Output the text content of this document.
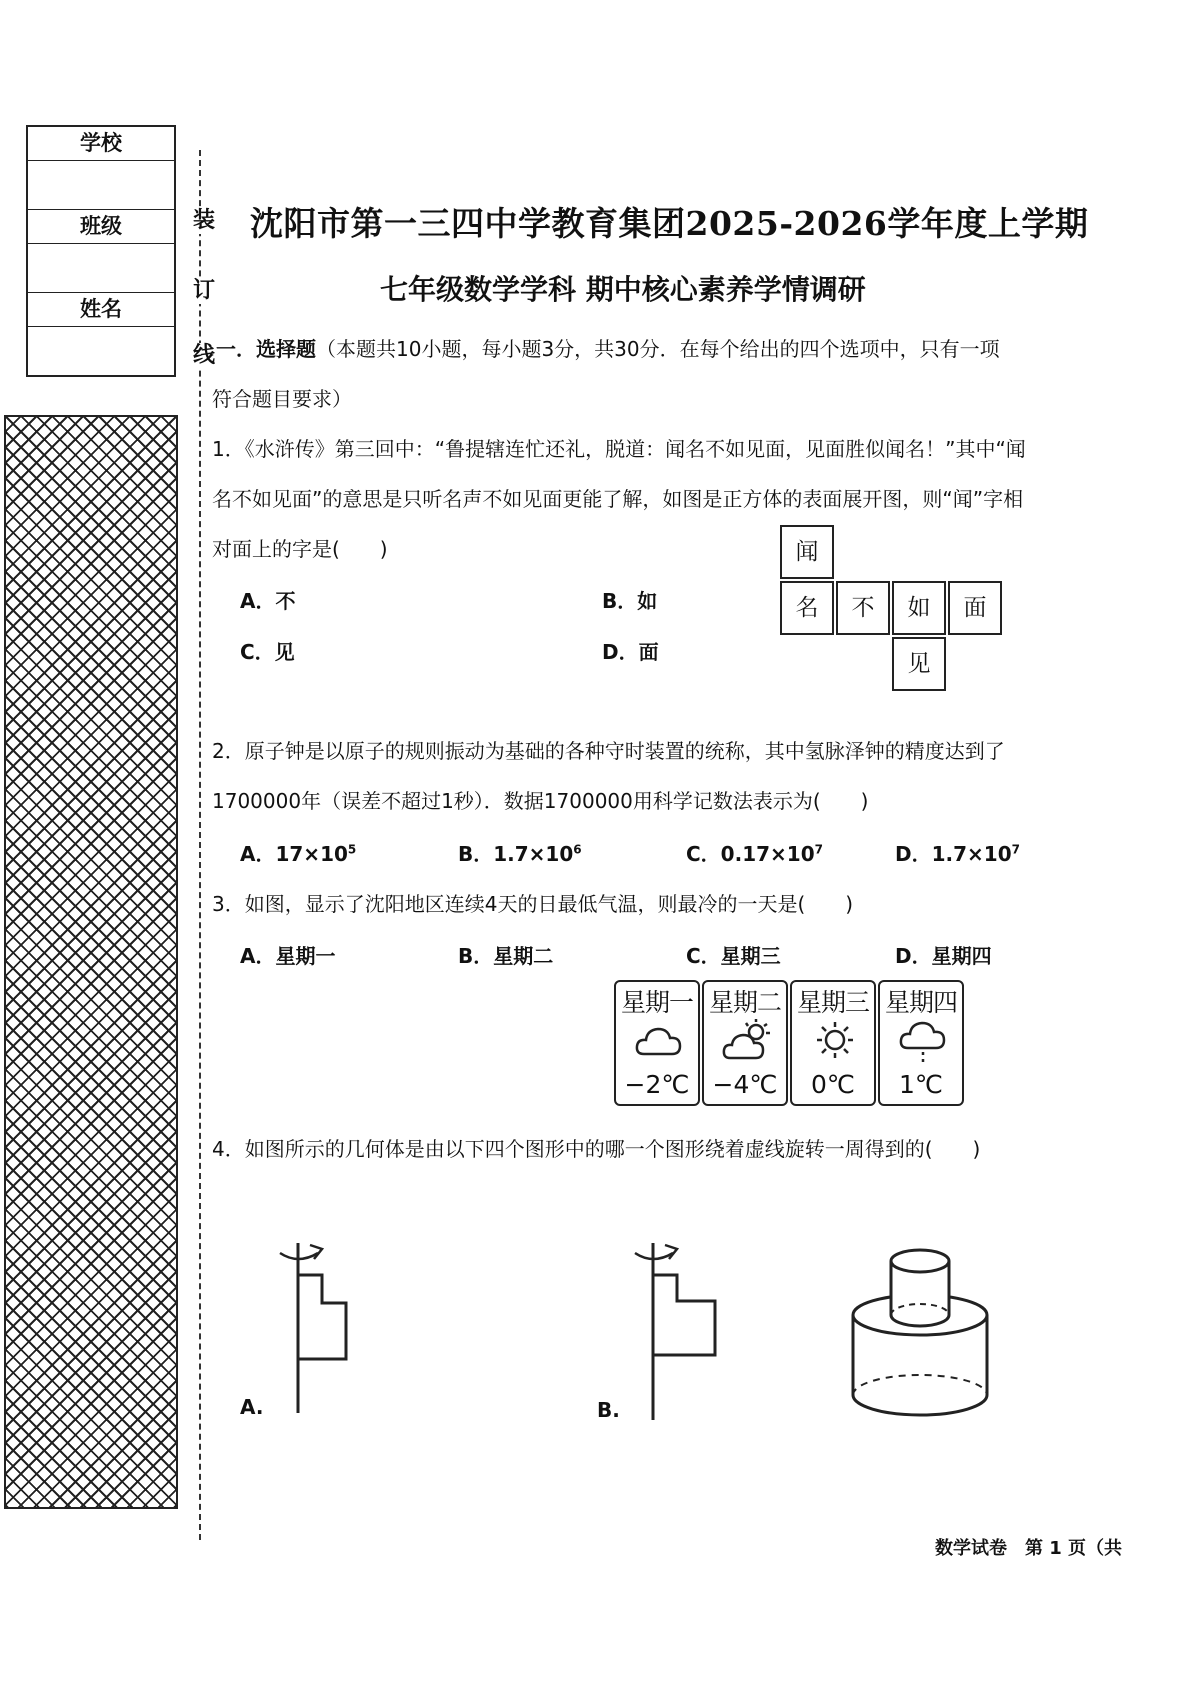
学校
班级
姓名
装
订
线
沈阳市第一三四中学教育集团2025-2026学年度上学期
七年级数学学科 期中核心素养学情调研
一．选择题（本题共10小题，每小题3分，共30分．在每个给出的四个选项中，只有一项
符合题目要求）
1．《水浒传》第三回中：“鲁提辖连忙还礼，脱道：闻名不如见面，见面胜似闻名！”其中“闻
名不如见面”的意思是只听名声不如见面更能了解，如图是正方体的表面展开图，则“闻”字相
对面上的字是(　　)
A．不	B．如
C．见	D．面
闻
名	不	如	面
见
2．原子钟是以原子的规则振动为基础的各种守时装置的统称，其中氢脉泽钟的精度达到了
1700000年（误差不超过1秒）．数据1700000用科学记数法表示为(　　)
A．$17\times 10^5$	B．$1.7\times 10^6$	C．$0.17\times 10^7$	D．$1.7\times 10^7$
3．如图，显示了沈阳地区连续4天的日最低气温，则最冷的一天是(　　)
A．星期一	B．星期二	C．星期三	D．星期四
星期一
−2℃
星期二
−4℃
星期三
0℃
星期四
1℃
4．如图所示的几何体是由以下四个图形中的哪一个图形绕着虚线旋转一周得到的(　　)
A.	B.
数学试卷　第 1 页（共
